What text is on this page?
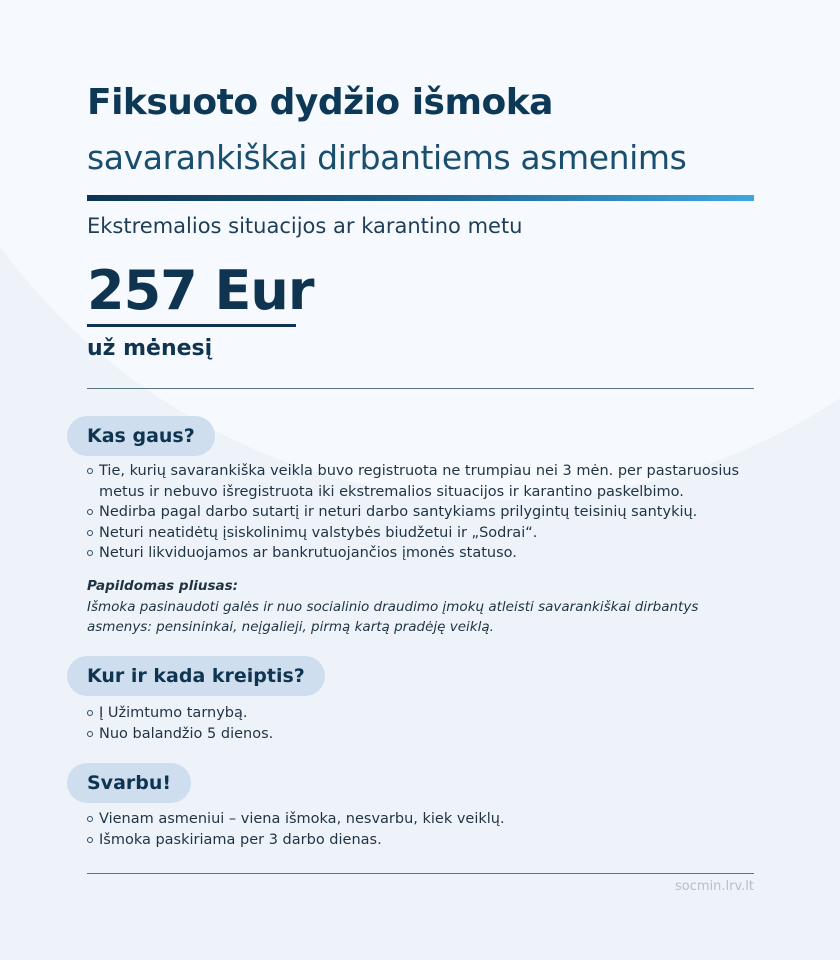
Fiksuoto dydžio išmoka
savarankiškai dirbantiems asmenims
Ekstremalios situacijos ar karantino metu
257 Eur
už mėnesį
Kas gaus?
Tie, kurių savarankiška veikla buvo registruota ne trumpiau nei 3 mėn. per pastaruosius metus ir nebuvo išregistruota iki ekstremalios situacijos ir karantino paskelbimo.
Nedirba pagal darbo sutartį ir neturi darbo santykiams prilygintų teisinių santykių.
Neturi neatidėtų įsiskolinimų valstybės biudžetui ir „Sodrai“.
Neturi likviduojamos ar bankrutuojančios įmonės statuso.
Papildomas pliusas:
Išmoka pasinaudoti galės ir nuo socialinio draudimo įmokų atleisti savarankiškai dirbantys asmenys: pensininkai, neįgalieji, pirmą kartą pradėję veiklą.
Kur ir kada kreiptis?
Į Užimtumo tarnybą.
Nuo balandžio 5 dienos.
Svarbu!
Vienam asmeniui – viena išmoka, nesvarbu, kiek veiklų.
Išmoka paskiriama per 3 darbo dienas.
socmin.lrv.lt
